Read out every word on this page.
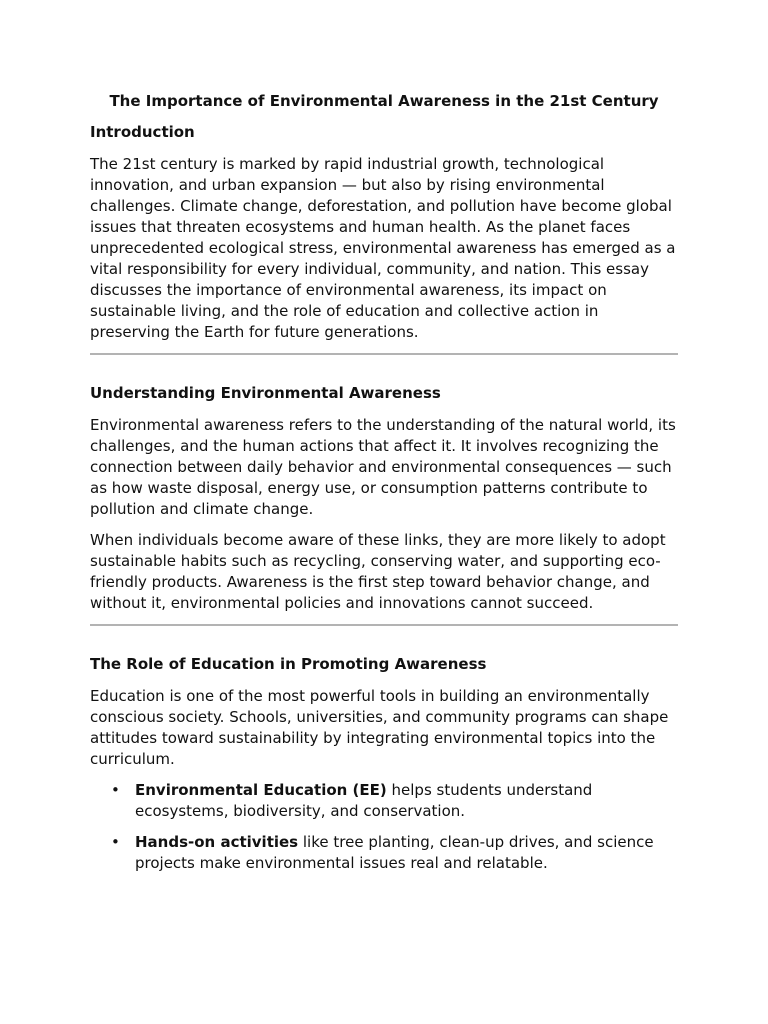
The Importance of Environmental Awareness in the 21st Century
Introduction

The 21st century is marked by rapid industrial growth, technological innovation, and urban expansion — but also by rising environmental challenges. Climate change, deforestation, and pollution have become global issues that threaten ecosystems and human health. As the planet faces unprecedented ecological stress, environmental awareness has emerged as a vital responsibility for every individual, community, and nation. This essay discusses the importance of environmental awareness, its impact on sustainable living, and the role of education and collective action in preserving the Earth for future generations.

Understanding Environmental Awareness

Environmental awareness refers to the understanding of the natural world, its challenges, and the human actions that affect it. It involves recognizing the connection between daily behavior and environmental consequences — such as how waste disposal, energy use, or consumption patterns contribute to pollution and climate change.

When individuals become aware of these links, they are more likely to adopt sustainable habits such as recycling, conserving water, and supporting eco-friendly products. Awareness is the first step toward behavior change, and without it, environmental policies and innovations cannot succeed.

The Role of Education in Promoting Awareness

Education is one of the most powerful tools in building an environmentally conscious society. Schools, universities, and community programs can shape attitudes toward sustainability by integrating environmental topics into the curriculum.

• Environmental Education (EE) helps students understand ecosystems, biodiversity, and conservation.
• Hands-on activities like tree planting, clean-up drives, and science projects make environmental issues real and relatable.
